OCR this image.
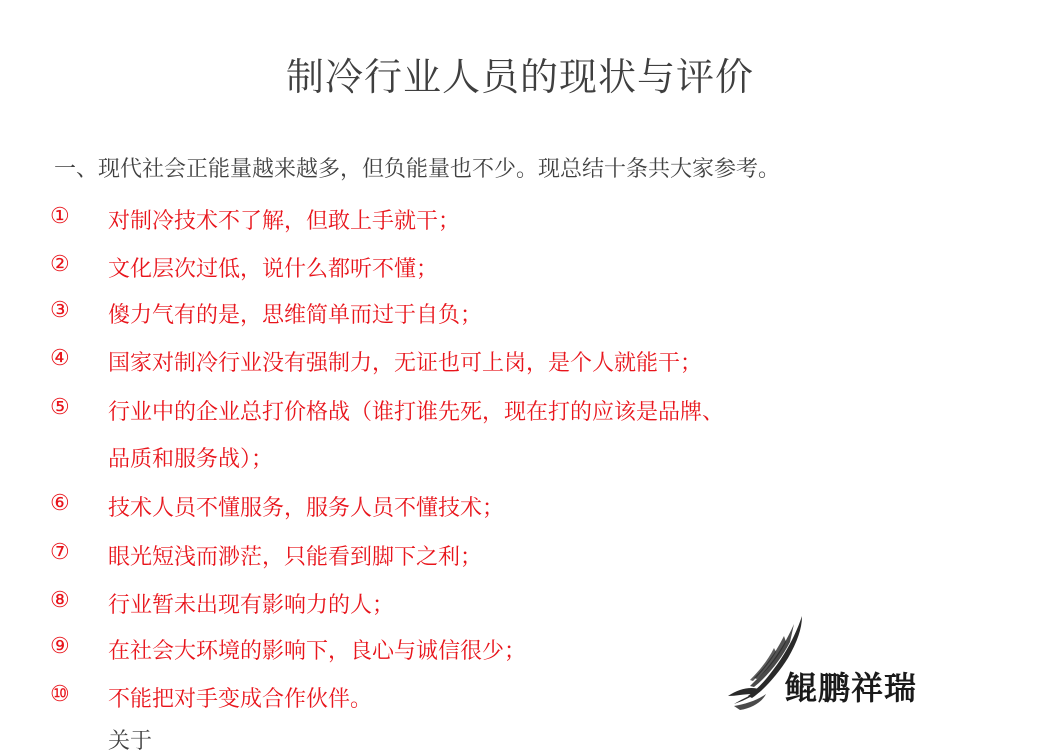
制冷行业人员的现状与评价
一、现代社会正能量越来越多，但负能量也不少。现总结十条共大家参考。
① 对制冷技术不了解，但敢上手就干；
② 文化层次过低，说什么都听不懂；
③ 傻力气有的是，思维简单而过于自负；
④ 国家对制冷行业没有强制力，无证也可上岗，是个人就能干；
⑤ 行业中的企业总打价格战（谁打谁先死，现在打的应该是品牌、
品质和服务战）；
⑥ 技术人员不懂服务，服务人员不懂技术；
⑦ 眼光短浅而渺茫，只能看到脚下之利；
⑧ 行业暂未出现有影响力的人；
⑨ 在社会大环境的影响下，良心与诚信很少；
⑩ 不能把对手变成合作伙伴。
关于
鲲鹏祥瑞
